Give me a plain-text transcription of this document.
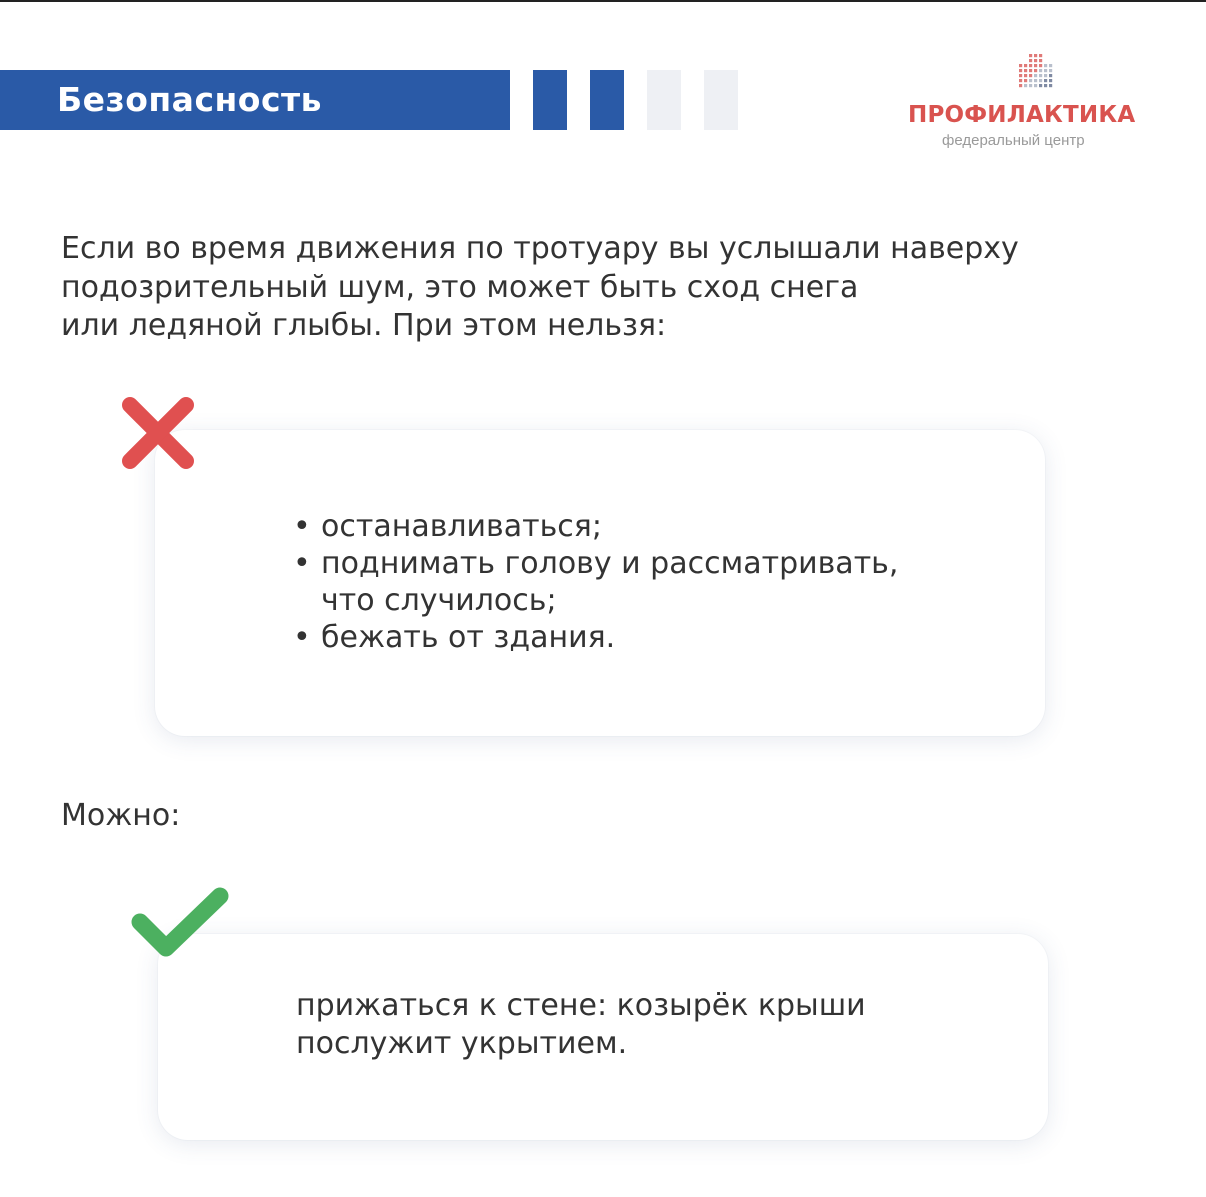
Безопасность	ПРОФИЛАКТИКА
федеральный центр

Если во время движения по тротуару вы услышали наверху
подозрительный шум, это может быть сход снега
или ледяной глыбы. При этом нельзя:

• останавливаться;
• поднимать голову и рассматривать,
что случилось;
• бежать от здания.
Можно:

прижаться к стене: козырёк крыши
послужит укрытием.
